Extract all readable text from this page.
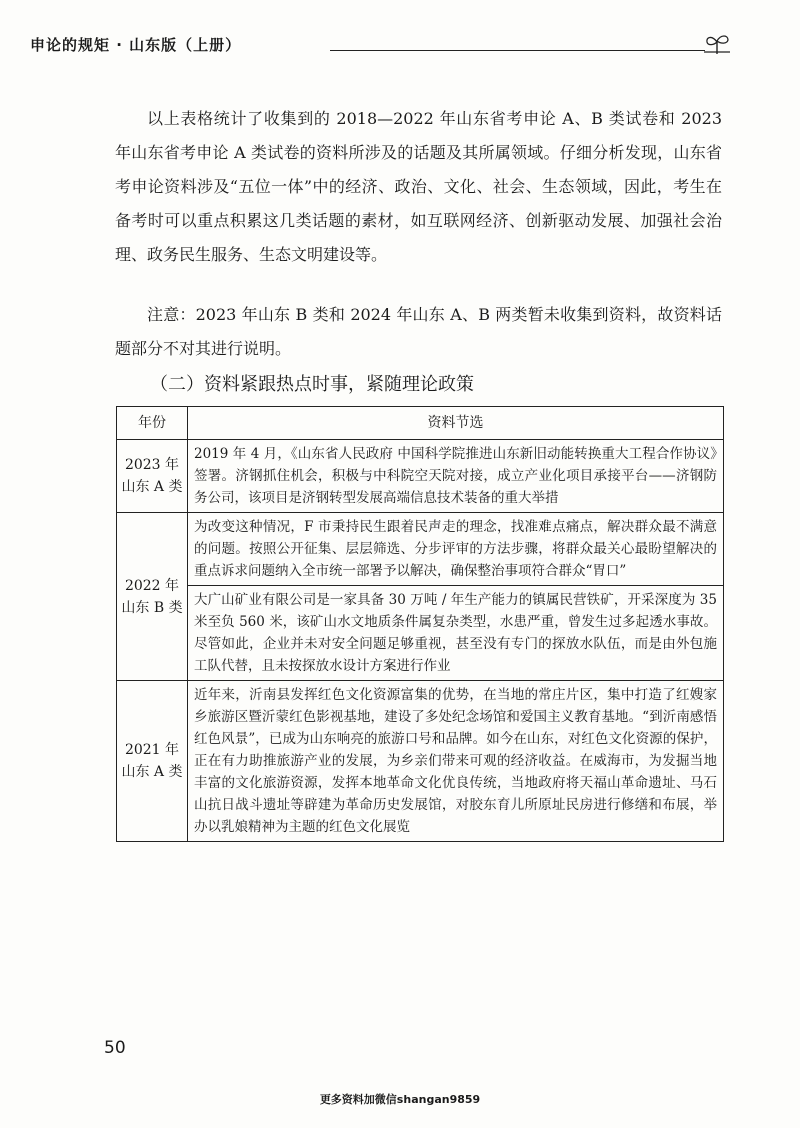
申论的规矩 · 山东版（上册）

以上表格统计了收集到的 2018—2022 年山东省考申论 A、B 类试卷和 2023 年山东省考申论 A 类试卷的资料所涉及的话题及其所属领域。仔细分析发现，山东省考申论资料涉及“五位一体”中的经济、政治、文化、社会、生态领域，因此，考生在备考时可以重点积累这几类话题的素材，如互联网经济、创新驱动发展、加强社会治理、政务民生服务、生态文明建设等。

注意：2023 年山东 B 类和 2024 年山东 A、B 两类暂未收集到资料，故资料话题部分不对其进行说明。

（二）资料紧跟热点时事，紧随理论政策
年份	资料节选
2023 年
山东 A 类	2019 年 4 月，《山东省人民政府 中国科学院推进山东新旧动能转换重大工程合作协议》签署。济钢抓住机会，积极与中科院空天院对接，成立产业化项目承接平台——济钢防务公司，该项目是济钢转型发展高端信息技术装备的重大举措
2022 年
山东 B 类	为改变这种情况，F 市秉持民生跟着民声走的理念，找准难点痛点，解决群众最不满意的问题。按照公开征集、层层筛选、分步评审的方法步骤，将群众最关心最盼望解决的重点诉求问题纳入全市统一部署予以解决，确保整治事项符合群众“胃口”
	大广山矿业有限公司是一家具备 30 万吨 / 年生产能力的镇属民营铁矿，开采深度为 35 米至负 560 米，该矿山水文地质条件属复杂类型，水患严重，曾发生过多起透水事故。尽管如此，企业并未对安全问题足够重视，甚至没有专门的探放水队伍，而是由外包施工队代替，且未按探放水设计方案进行作业
2021 年
山东 A 类	近年来，沂南县发挥红色文化资源富集的优势，在当地的常庄片区，集中打造了红嫂家乡旅游区暨沂蒙红色影视基地，建设了多处纪念场馆和爱国主义教育基地。“到沂南感悟红色风景”，已成为山东响亮的旅游口号和品牌。如今在山东，对红色文化资源的保护，正在有力助推旅游产业的发展，为乡亲们带来可观的经济收益。在威海市，为发掘当地丰富的文化旅游资源，发挥本地革命文化优良传统，当地政府将天福山革命遗址、马石山抗日战斗遗址等辟建为革命历史发展馆，对胶东育儿所原址民房进行修缮和布展，举办以乳娘精神为主题的红色文化展览
50
更多资料加微信shangan9859
